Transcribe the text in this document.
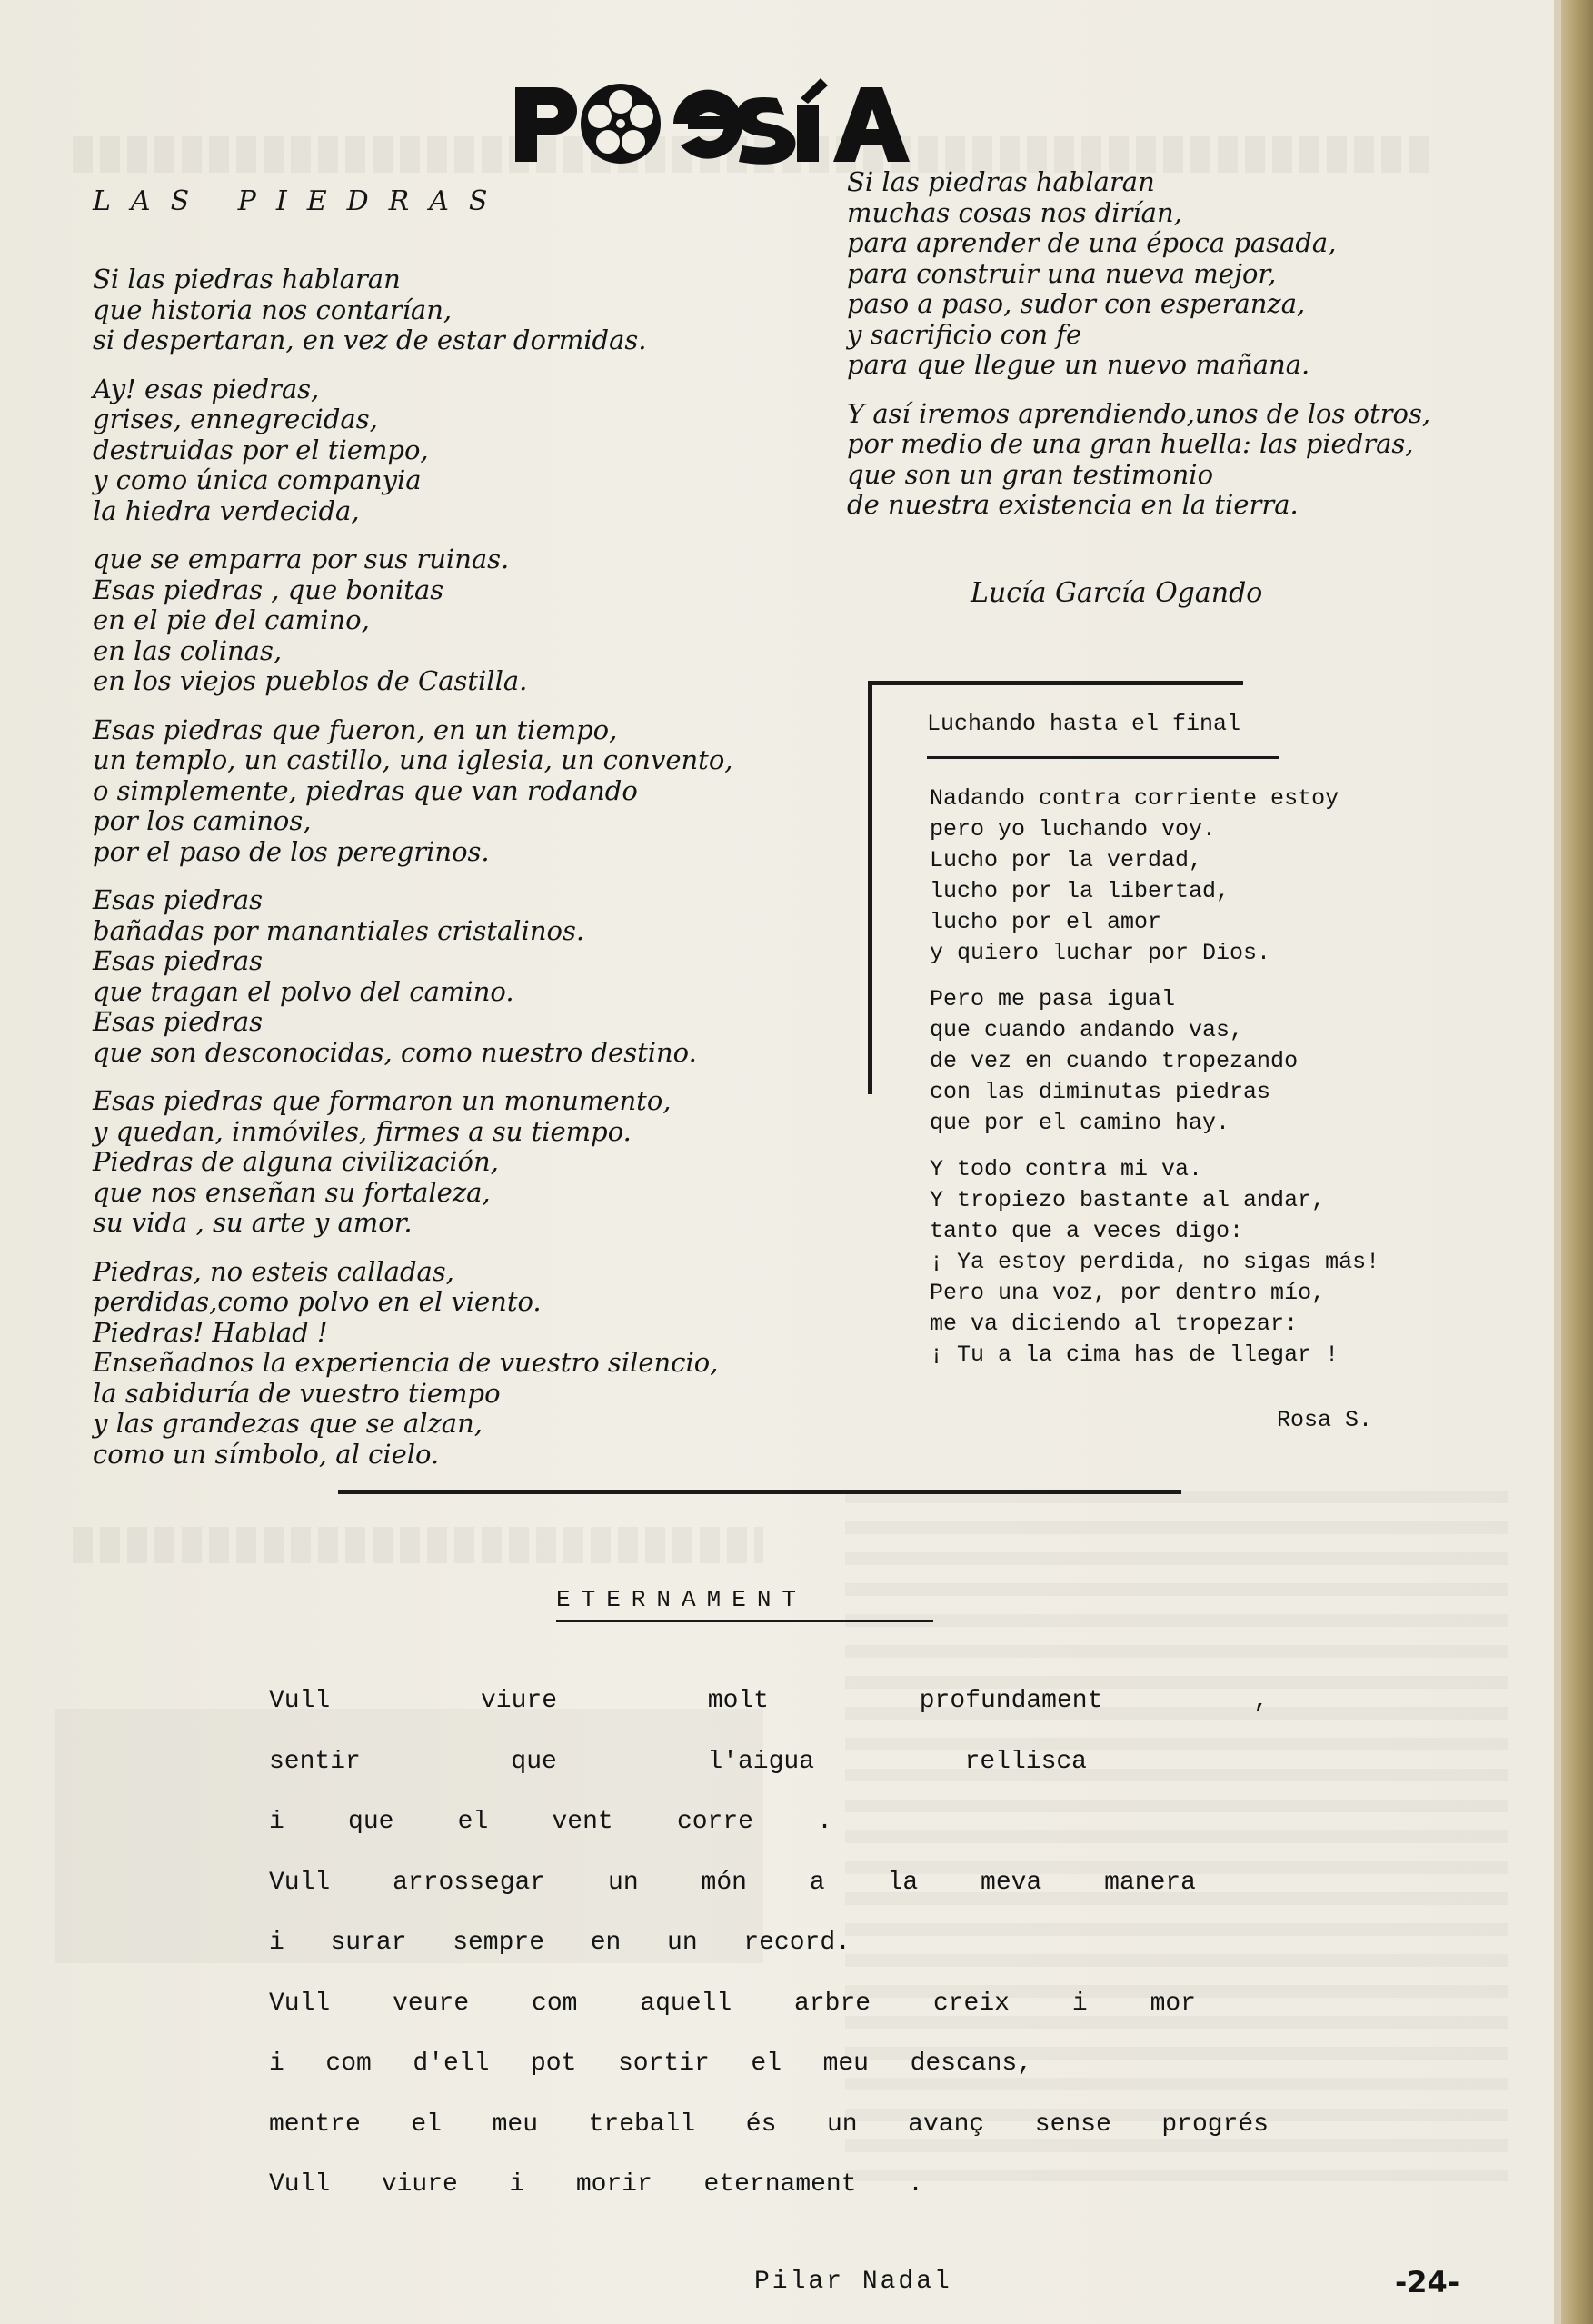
LAS PIEDRAS
Si las piedras hablaran
que historia nos contarían,
si despertaran, en vez de estar dormidas.
Ay! esas piedras,
grises, ennegrecidas,
destruidas por el tiempo,
y como única companyia
la hiedra verdecida,
que se emparra por sus ruinas.
Esas piedras , que bonitas
en el pie del camino,
en las colinas,
en los viejos pueblos de Castilla.
Esas piedras que fueron, en un tiempo,
un templo, un castillo, una iglesia, un convento,
o simplemente, piedras que van rodando
por los caminos,
por el paso de los peregrinos.
Esas piedras
bañadas por manantiales cristalinos.
Esas piedras
que tragan el polvo del camino.
Esas piedras
que son desconocidas, como nuestro destino.
Esas piedras que formaron un monumento,
y quedan, inmóviles, firmes a su tiempo.
Piedras de alguna civilización,
que nos enseñan su fortaleza,
su vida , su arte y amor.
Piedras, no esteis calladas,
perdidas,como polvo en el viento.
Piedras! Hablad !
Enseñadnos la experiencia de vuestro silencio,
la sabiduría de vuestro tiempo
y las grandezas que se alzan,
como un símbolo, al cielo.
Si las piedras hablaran
muchas cosas nos dirían,
para aprender de una época pasada,
para construir una nueva mejor,
paso a paso, sudor con esperanza,
y sacrificio con fe
para que llegue un nuevo mañana.
Y así iremos aprendiendo,unos de los otros,
por medio de una gran huella: las piedras,
que son un gran testimonio
de nuestra existencia en la tierra.
Lucía García Ogando
Luchando hasta el final
Nadando contra corriente estoy
pero yo luchando voy.
Lucho por la verdad,
lucho por la libertad,
lucho por el amor
y quiero luchar por Dios.
Pero me pasa igual
que cuando andando vas,
de vez en cuando tropezando
con las diminutas piedras
que por el camino hay.
Y todo contra mi va.
Y tropiezo bastante al andar,
tanto que a veces digo:
¡ Ya estoy perdida, no sigas más!
Pero una voz, por dentro mío,
me va diciendo al tropezar:
¡ Tu a la cima has de llegar !
Rosa S.
ETERNAMENT
Vull	viure	molt	profundament	,
sentir	que	l'aigua	rellisca
i	que	el	vent	corre	.
Vull arrossegar un món a la meva manera
i surar sempre en un record.
Vull veure com aquell arbre creix i mor
i com d'ell pot sortir el meu descans,
mentre el meu treball és un avanç sense progrés
Vull viure i morir eternament .
Pilar Nadal	-24-
